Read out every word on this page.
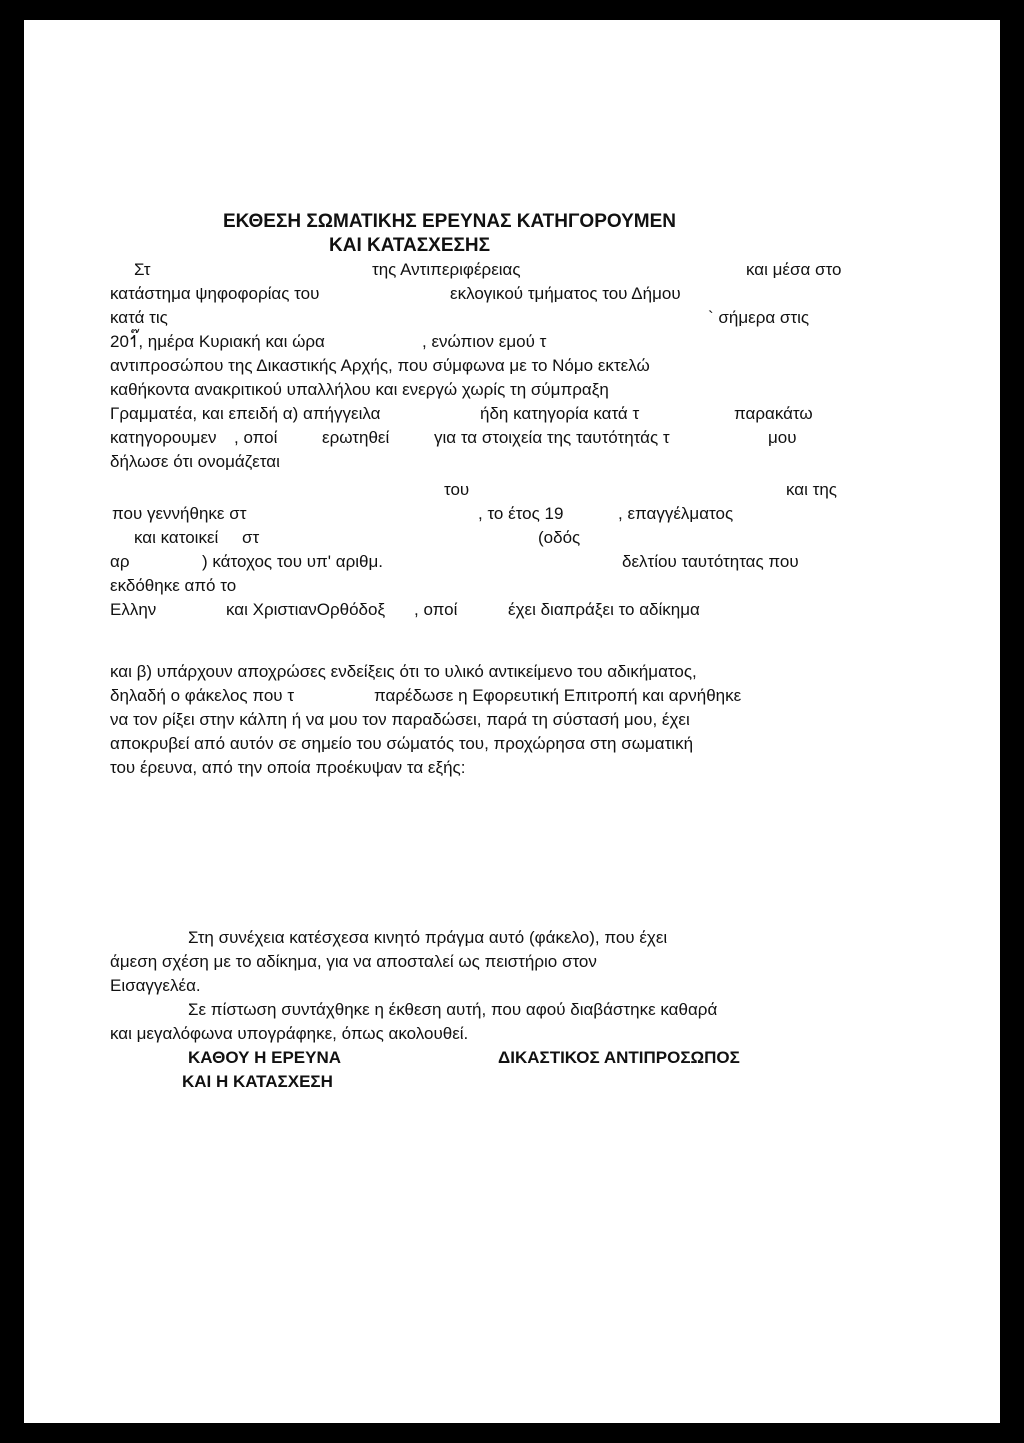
ΕΚΘΕΣΗ ΣΩΜΑΤΙΚΗΣ ΕΡΕΥΝΑΣ ΚΑΤΗΓΟΡΟΥΜΕΝ
ΚΑΙ ΚΑΤΑΣΧΕΣΗΣ
Στ	της Αντιπεριφέρειας	και μέσα στο
κατάστημα ψηφοφορίας του	εκλογικού τμήματος του Δήμου
κατά τις	` σήμερα στις
201๊, ημέρα Κυριακή και ώρα	, ενώπιον εμού τ
αντιπροσώπου της Δικαστικής Αρχής, που σύμφωνα με το Νόμο εκτελώ
καθήκοντα ανακριτικού υπαλλήλου και ενεργώ χωρίς τη σύμπραξη
Γραμματέα, και επειδή α) απήγγειλα	ήδη κατηγορία κατά τ	παρακάτω
κατηγορουμεν , οποί	ερωτηθεί	για τα στοιχεία της ταυτότητάς τ	μου
δήλωσε ότι ονομάζεται
του	και της
που γεννήθηκε στ	, το έτος 19	, επαγγέλματος
και κατοικεί στ	(οδός
αρ	) κάτοχος του υπ' αριθμ.	δελτίου ταυτότητας που
εκδόθηκε από το
Ελλην	και ΧριστιανΟρθόδοξ , οποί	έχει διαπράξει το αδίκημα
και β) υπάρχουν αποχρώσες ενδείξεις ότι το υλικό αντικείμενο του αδικήματος,
δηλαδή ο φάκελος που τ	παρέδωσε η Εφορευτική Επιτροπή και αρνήθηκε
να τον ρίξει στην κάλπη ή να μου τον παραδώσει, παρά τη σύστασή μου, έχει
αποκρυβεί από αυτόν σε σημείο του σώματός του, προχώρησα στη σωματική
του έρευνα, από την οποία προέκυψαν τα εξής:
Στη συνέχεια κατέσχεσα κινητό πράγμα αυτό (φάκελο), που έχει
άμεση σχέση με το αδίκημα, για να αποσταλεί ως πειστήριο στον
Εισαγγελέα.
Σε πίστωση συντάχθηκε η έκθεση αυτή, που αφού διαβάστηκε καθαρά
και μεγαλόφωνα υπογράφηκε, όπως ακολουθεί.
ΚΑΘΟΥ Η ΕΡΕΥΝΑ	ΔΙΚΑΣΤΙΚΟΣ ΑΝΤΙΠΡΟΣΩΠΟΣ
ΚΑΙ Η ΚΑΤΑΣΧΕΣΗ
